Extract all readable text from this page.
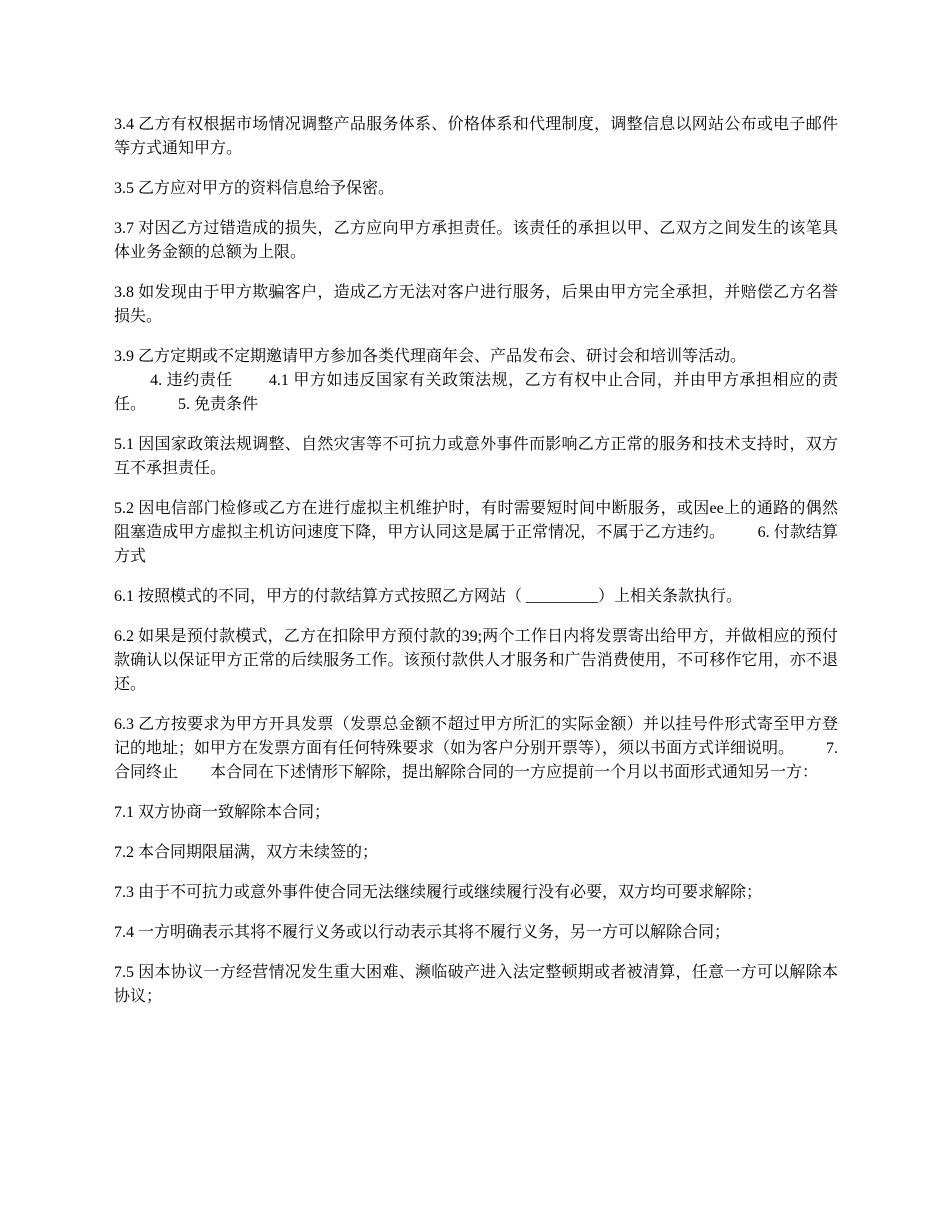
3.4 乙方有权根据市场情况调整产品服务体系、价格体系和代理制度，调整信息以网站公布或电子邮件等方式通知甲方。

3.5 乙方应对甲方的资料信息给予保密。

3.7 对因乙方过错造成的损失，乙方应向甲方承担责任。该责任的承担以甲、乙双方之间发生的该笔具体业务金额的总额为上限。

3.8 如发现由于甲方欺骗客户，造成乙方无法对客户进行服务，后果由甲方完全承担，并赔偿乙方名誉损失。

3.9 乙方定期或不定期邀请甲方参加各类代理商年会、产品发布会、研讨会和培训等活动。
4. 违约责任        4.1 甲方如违反国家有关政策法规，乙方有权中止合同，并由甲方承担相应的责任。        5. 免责条件

5.1 因国家政策法规调整、自然灾害等不可抗力或意外事件而影响乙方正常的服务和技术支持时，双方互不承担责任。

5.2 因电信部门检修或乙方在进行虚拟主机维护时，有时需要短时间中断服务，或因ee上的通路的偶然阻塞造成甲方虚拟主机访问速度下降，甲方认同这是属于正常情况，不属于乙方违约。        6. 付款结算方式

6.1 按照模式的不同，甲方的付款结算方式按照乙方网站（ _________）上相关条款执行。

6.2 如果是预付款模式，乙方在扣除甲方预付款的39;两个工作日内将发票寄出给甲方，并做相应的预付款确认以保证甲方正常的后续服务工作。该预付款供人才服务和广告消费使用，不可移作它用，亦不退还。

6.3 乙方按要求为甲方开具发票（发票总金额不超过甲方所汇的实际金额）并以挂号件形式寄至甲方登记的地址；如甲方在发票方面有任何特殊要求（如为客户分别开票等），须以书面方式详细说明。        7. 合同终止        本合同在下述情形下解除，提出解除合同的一方应提前一个月以书面形式通知另一方：

7.1 双方协商一致解除本合同；

7.2 本合同期限届满，双方未续签的；

7.3 由于不可抗力或意外事件使合同无法继续履行或继续履行没有必要，双方均可要求解除；

7.4 一方明确表示其将不履行义务或以行动表示其将不履行义务，另一方可以解除合同；

7.5 因本协议一方经营情况发生重大困难、濒临破产进入法定整顿期或者被清算，任意一方可以解除本协议；
